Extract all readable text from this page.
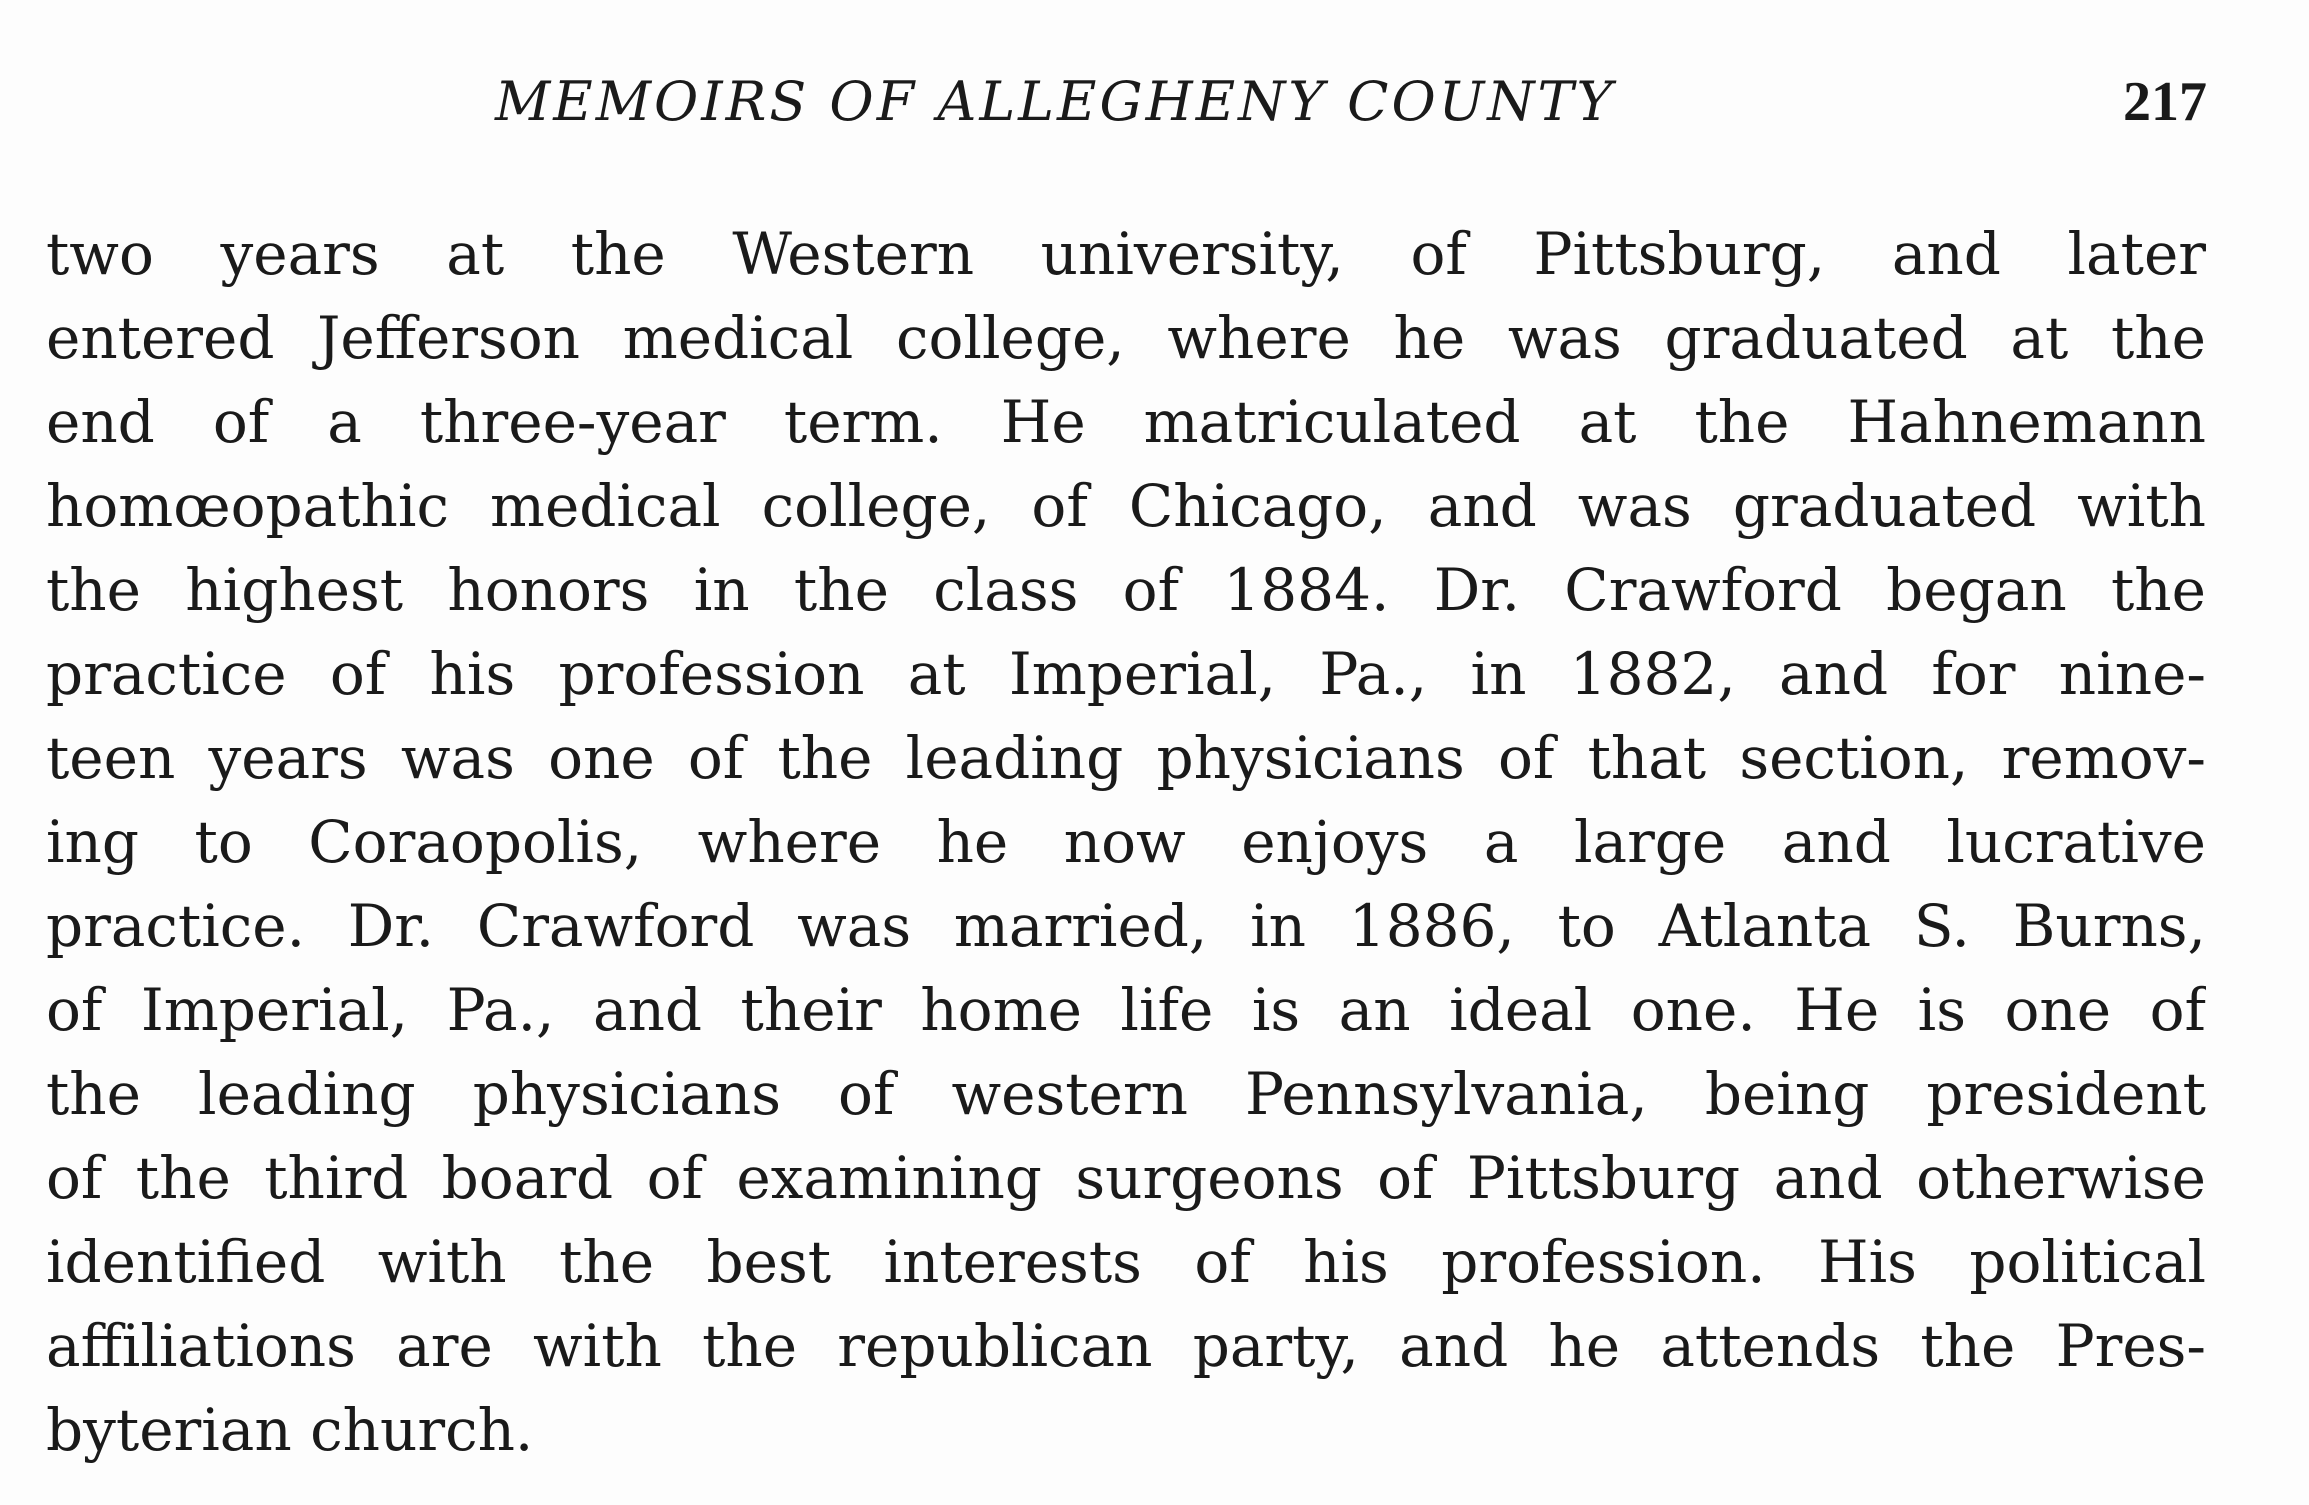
MEMOIRS OF ALLEGHENY COUNTY	217
two years at the Western university, of Pittsburg, and later
entered Jefferson medical college, where he was graduated at the
end of a three-year term. He matriculated at the Hahnemann
homœopathic medical college, of Chicago, and was graduated with
the highest honors in the class of 1884. Dr. Crawford began the
practice of his profession at Imperial, Pa., in 1882, and for nine-
teen years was one of the leading physicians of that section, remov-
ing to Coraopolis, where he now enjoys a large and lucrative
practice. Dr. Crawford was married, in 1886, to Atlanta S. Burns,
of Imperial, Pa., and their home life is an ideal one. He is one of
the leading physicians of western Pennsylvania, being president
of the third board of examining surgeons of Pittsburg and otherwise
identified with the best interests of his profession. His political
affiliations are with the republican party, and he attends the Pres-
byterian church.
